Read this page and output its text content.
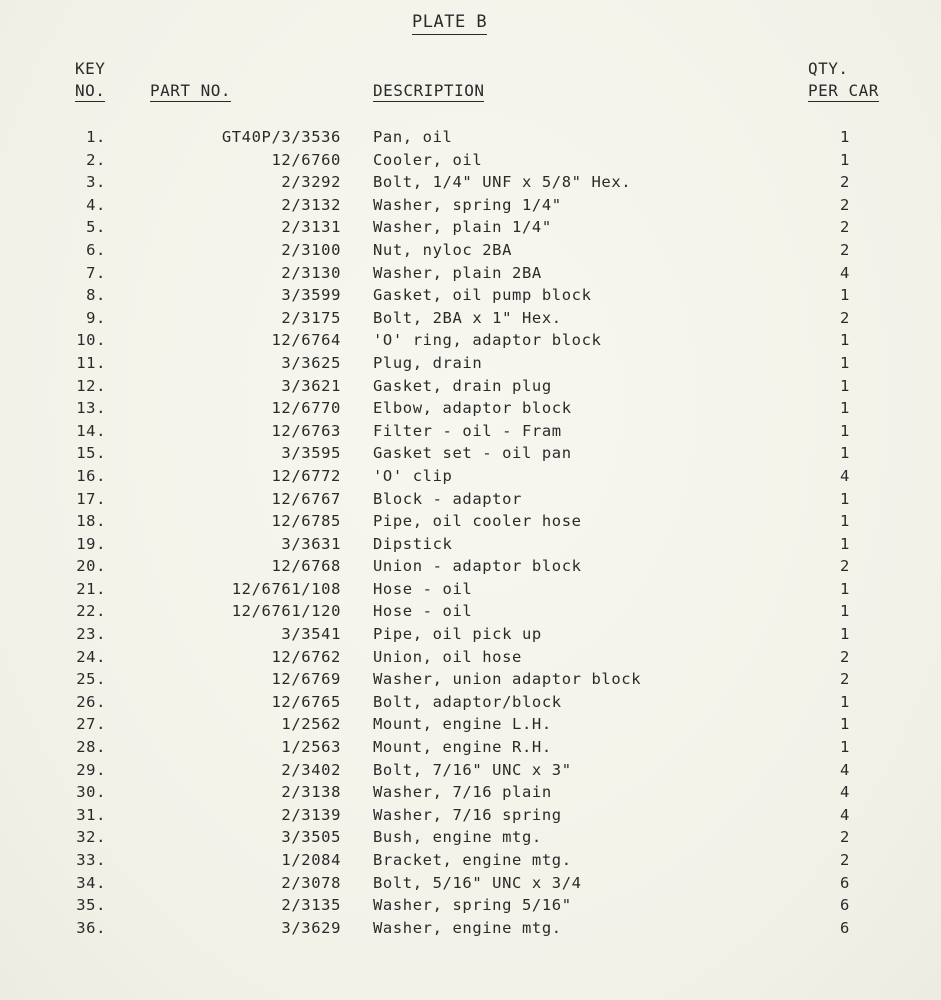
PLATE B
KEY
NO.	PART NO.	DESCRIPTION
QTY.
PER CAR
1.	GT40P/3/3536 Pan, oil	1
2.	12/6760 Cooler, oil	1
3.	2/3292 Bolt, 1/4" UNF x 5/8" Hex.	2
4.	2/3132 Washer, spring 1/4"	2
5.	2/3131 Washer, plain 1/4"	2
6.	2/3100 Nut, nyloc 2BA	2
7.	2/3130 Washer, plain 2BA	4
8.	3/3599 Gasket, oil pump block	1
9.	2/3175 Bolt, 2BA x 1" Hex.	2
10.	12/6764 'O' ring, adaptor block	1
11.	3/3625 Plug, drain	1
12.	3/3621 Gasket, drain plug	1
13.	12/6770 Elbow, adaptor block	1
14.	12/6763 Filter - oil - Fram	1
15.	3/3595 Gasket set - oil pan	1
16.	12/6772 'O' clip	4
17.	12/6767 Block - adaptor	1
18.	12/6785 Pipe, oil cooler hose	1
19.	3/3631 Dipstick	1
20.	12/6768 Union - adaptor block	2
21.	12/6761/108 Hose - oil	1
22.	12/6761/120 Hose - oil	1
23.	3/3541 Pipe, oil pick up	1
24.	12/6762 Union, oil hose	2
25.	12/6769 Washer, union adaptor block	2
26.	12/6765 Bolt, adaptor/block	1
27.	1/2562 Mount, engine L.H.	1
28.	1/2563 Mount, engine R.H.	1
29.	2/3402 Bolt, 7/16" UNC x 3"	4
30.	2/3138 Washer, 7/16 plain	4
31.	2/3139 Washer, 7/16 spring	4
32.	3/3505 Bush, engine mtg.	2
33.	1/2084 Bracket, engine mtg.	2
34.	2/3078 Bolt, 5/16" UNC x 3/4	6
35.	2/3135 Washer, spring 5/16"	6
36.	3/3629 Washer, engine mtg.	6
